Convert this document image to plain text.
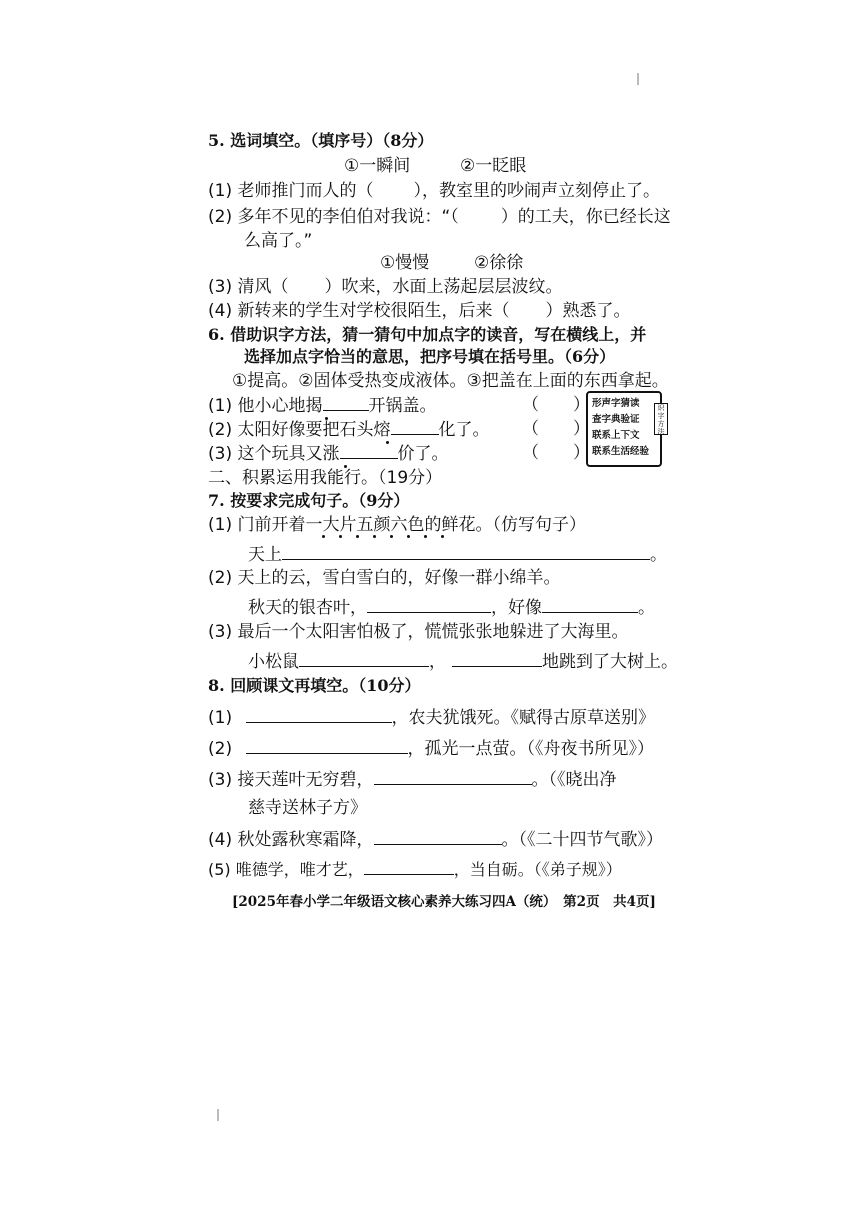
5. 选词填空。（填序号）（8分）
①一瞬间	②一眨眼
(1) 老师推门而人的（ ），教室里的吵闹声立刻停止了。
(2) 多年不见的李伯伯对我说：“（ ）的工夫，你已经长这
么高了。”
①慢慢	②徐徐
(3) 清风（ ）吹来，水面上荡起层层波纹。
(4) 新转来的学生对学校很陌生，后来（ ）熟悉了。
6. 借助识字方法，猜一猜句中加点字的读音，写在横线上，并
选择加点字恰当的意思，把序号填在括号里。（6分）
①提高。②固体受热变成液体。③把盖在上面的东西拿起。
(1) 他小心地揭	开锅盖。	（　　）
(2) 太阳好像要把石头熔	化了。 （　　）
(3) 这个玩具又涨	价了。	（　　）
形声字猜读
查字典验证
联系上下文
联系生活经验
识字方法
二、积累运用我能行。（19分）
7. 按要求完成句子。（9分）
(1) 门前开着一大片五颜六色的鲜花。（仿写句子）
天上	。
(2) 天上的云，雪白雪白的，好像一群小绵羊。
秋天的银杏叶，	，好像	。
(3) 最后一个太阳害怕极了，慌慌张张地躲进了大海里。
小松鼠	，	地跳到了大树上。
8. 回顾课文再填空。（10分）
(1)	，农夫犹饿死。《赋得古原草送别》
(2)	，孤光一点萤。（《舟夜书所见》）
(3) 接天莲叶无穷碧，	。（《晓出净
慈寺送林子方》
(4) 秋处露秋寒霜降，	。（《二十四节气歌》）
(5) 唯德学，唯才艺，	，当自砺。（《弟子规》）
[2025年春小学二年级语文核心素养大练习四A（统）　第2页　共4页]
